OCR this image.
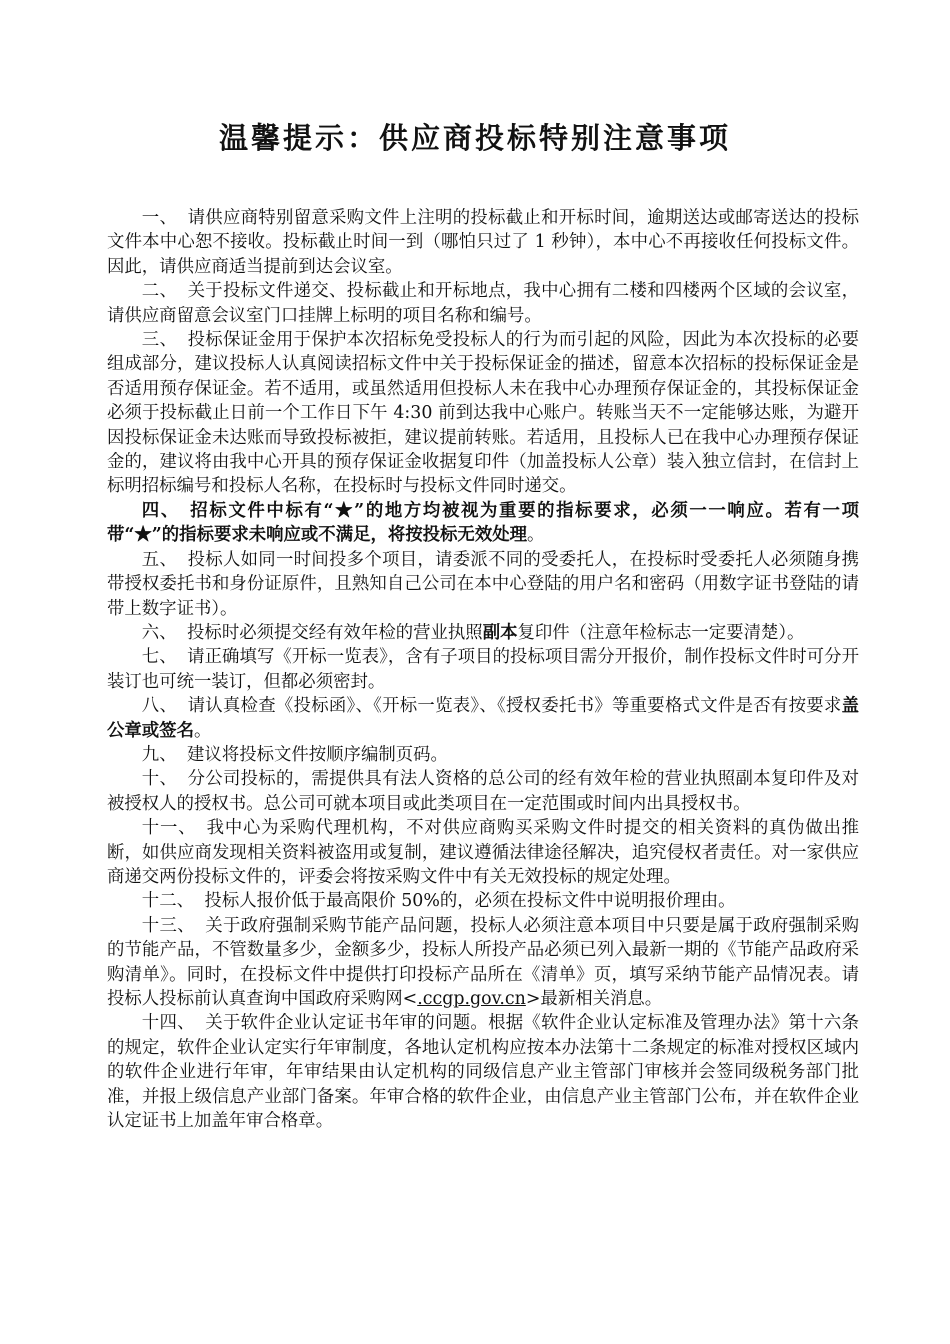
温馨提示：供应商投标特别注意事项

一、 请供应商特别留意采购文件上注明的投标截止和开标时间，逾期送达或邮寄送达的投标文件本中心恕不接收。投标截止时间一到（哪怕只过了 1 秒钟），本中心不再接收任何投标文件。因此，请供应商适当提前到达会议室。

二、 关于投标文件递交、投标截止和开标地点，我中心拥有二楼和四楼两个区域的会议室，请供应商留意会议室门口挂牌上标明的项目名称和编号。

三、 投标保证金用于保护本次招标免受投标人的行为而引起的风险，因此为本次投标的必要组成部分，建议投标人认真阅读招标文件中关于投标保证金的描述，留意本次招标的投标保证金是否适用预存保证金。若不适用，或虽然适用但投标人未在我中心办理预存保证金的，其投标保证金必须于投标截止日前一个工作日下午 4:30 前到达我中心账户。转账当天不一定能够达账，为避开因投标保证金未达账而导致投标被拒，建议提前转账。若适用，且投标人已在我中心办理预存保证金的，建议将由我中心开具的预存保证金收据复印件（加盖投标人公章）装入独立信封，在信封上标明招标编号和投标人名称，在投标时与投标文件同时递交。

四、 招标文件中标有“★”的地方均被视为重要的指标要求，必须一一响应。若有一项带“★”的指标要求未响应或不满足，将按投标无效处理。

五、 投标人如同一时间投多个项目，请委派不同的受委托人，在投标时受委托人必须随身携带授权委托书和身份证原件，且熟知自己公司在本中心登陆的用户名和密码（用数字证书登陆的请带上数字证书）。

六、 投标时必须提交经有效年检的营业执照副本复印件（注意年检标志一定要清楚）。

七、 请正确填写《开标一览表》，含有子项目的投标项目需分开报价，制作投标文件时可分开装订也可统一装订，但都必须密封。

八、 请认真检查《投标函》、《开标一览表》、《授权委托书》等重要格式文件是否有按要求盖公章或签名。

九、 建议将投标文件按顺序编制页码。

十、 分公司投标的，需提供具有法人资格的总公司的经有效年检的营业执照副本复印件及对被授权人的授权书。总公司可就本项目或此类项目在一定范围或时间内出具授权书。

十一、 我中心为采购代理机构，不对供应商购买采购文件时提交的相关资料的真伪做出推断，如供应商发现相关资料被盗用或复制，建议遵循法律途径解决，追究侵权者责任。对一家供应商递交两份投标文件的，评委会将按采购文件中有关无效投标的规定处理。

十二、 投标人报价低于最高限价 50%的，必须在投标文件中说明报价理由。

十三、 关于政府强制采购节能产品问题，投标人必须注意本项目中只要是属于政府强制采购的节能产品，不管数量多少，金额多少，投标人所投产品必须已列入最新一期的《节能产品政府采购清单》。同时，在投标文件中提供打印投标产品所在《清单》页，填写采纳节能产品情况表。请投标人投标前认真查询中国政府采购网<.ccgp.gov.cn>最新相关消息。

十四、 关于软件企业认定证书年审的问题。根据《软件企业认定标准及管理办法》第十六条的规定，软件企业认定实行年审制度，各地认定机构应按本办法第十二条规定的标准对授权区域内的软件企业进行年审，年审结果由认定机构的同级信息产业主管部门审核并会签同级税务部门批准，并报上级信息产业部门备案。年审合格的软件企业，由信息产业主管部门公布，并在软件企业认定证书上加盖年审合格章。
